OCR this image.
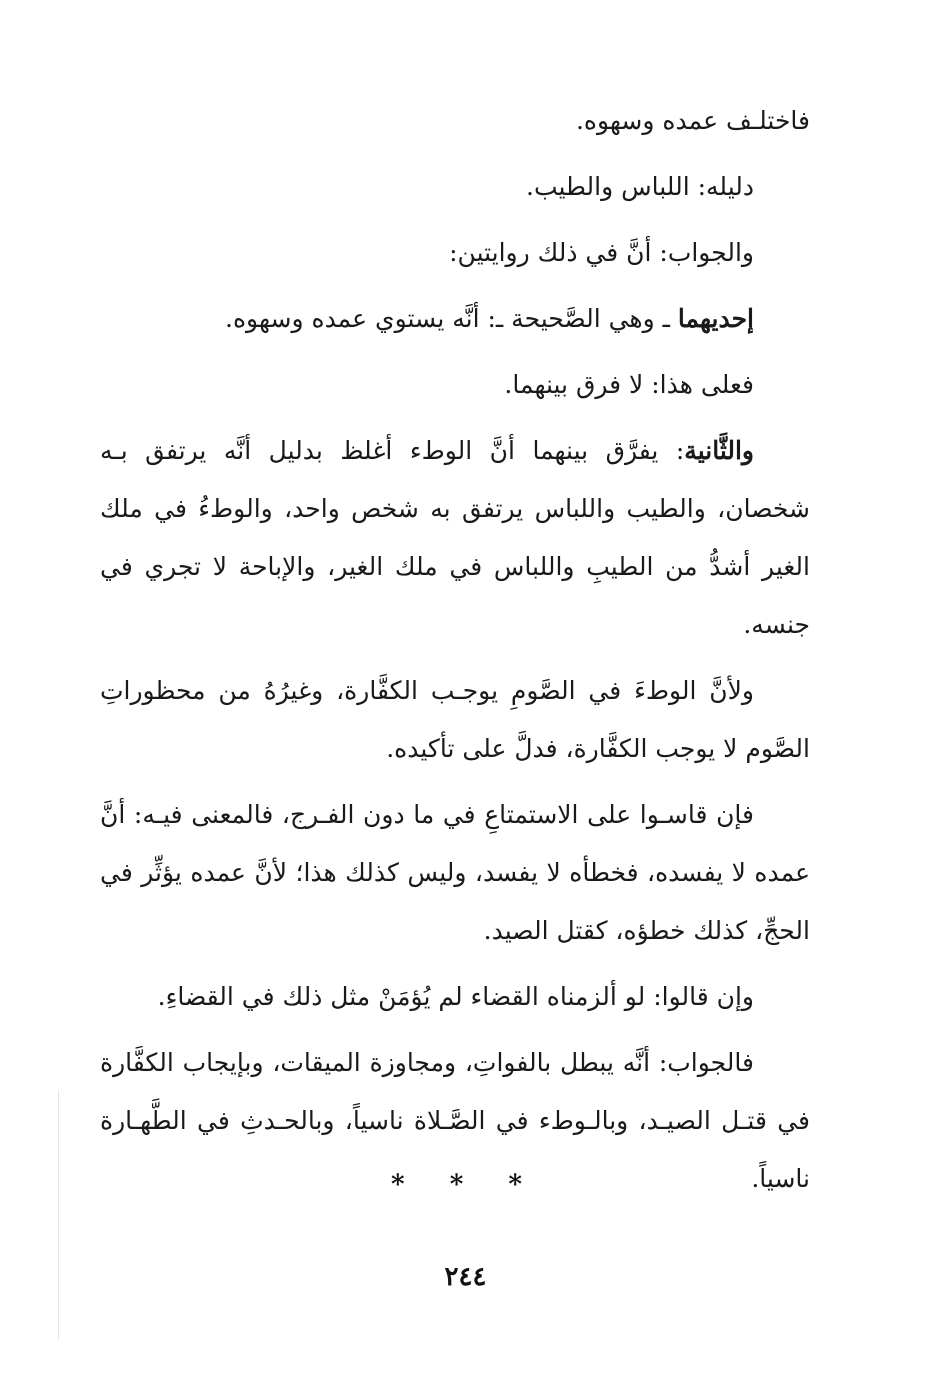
فاختلـف عمده وسهوه.

دليله: اللباس والطيب.

والجواب: أنَّ في ذلك روايتين:

إحديهما ـ وهي الصَّحيحة ـ: أنَّه يستوي عمده وسهوه.

فعلى هذا: لا فرق بينهما.

والثَّانية: يفرَّق بينهما أنَّ الوطء أغلظ بدليل أنَّه يرتفق بـه شخصان، والطيب واللباس يرتفق به شخص واحد، والوطءُ في ملك الغير أشدُّ من الطيبِ واللباس في ملك الغير، والإباحة لا تجري في جنسه.

ولأنَّ الوطءَ في الصَّومِ يوجـب الكفَّارة، وغيرُهُ من محظوراتِ الصَّوم لا يوجب الكفَّارة، فدلَّ على تأكيده.

فإن قاسـوا على الاستمتاعِ في ما دون الفـرج، فالمعنى فيـه: أنَّ عمده لا يفسده، فخطأه لا يفسد، وليس كذلك هذا؛ لأنَّ عمده يؤثِّر في الحجِّ، كذلك خطؤه، كقتل الصيد.

وإن قالوا: لو ألزمناه القضاء لم يُؤمَنْ مثل ذلك في القضاءِ.

فالجواب: أنَّه يبطل بالفواتِ، ومجاوزة الميقات، وبإيجاب الكفَّارة في قتـل الصيـد، وبالـوطء في الصَّـلاة ناسياً، وبالحـدثِ في الطَّهـارة ناسياً.

* * *
٢٤٤
